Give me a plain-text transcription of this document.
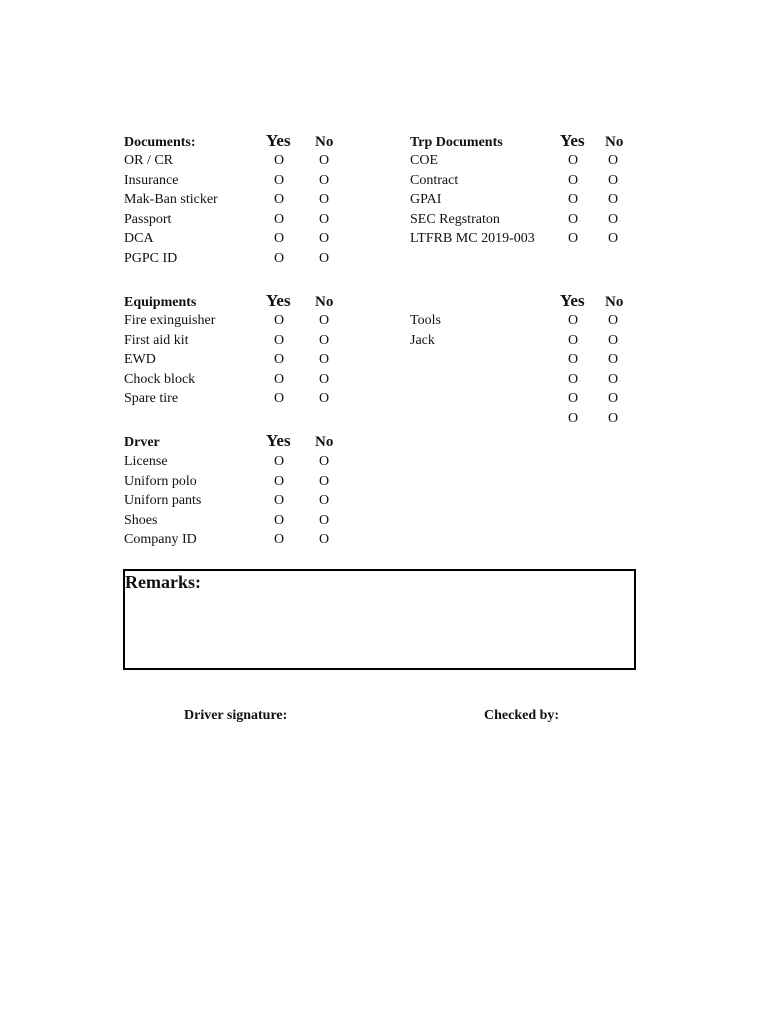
Documents:	Yes No
OR / CR	O O
Insurance	O O
Mak-Ban sticker	O O
Passport	O O
DCA	O O
PGPC ID	O O
Trp Documents	Yes No
COE	O O
Contract	O O
GPAI	O O
SEC Regstraton	O O
LTFRB MC 2019-003 O O
Equipments	Yes No
Fire exinguisher	O O
First aid kit	O O
EWD	O O
Chock block	O O
Spare tire	O O
Yes No
Tools	O O
Jack	O O
O O
O O
O O
O O
Drver	Yes No
License	O O
Uniforn polo	O O
Uniforn pants	O O
Shoes	O O
Company ID	O O
Remarks:
Driver signature:	Checked by:
